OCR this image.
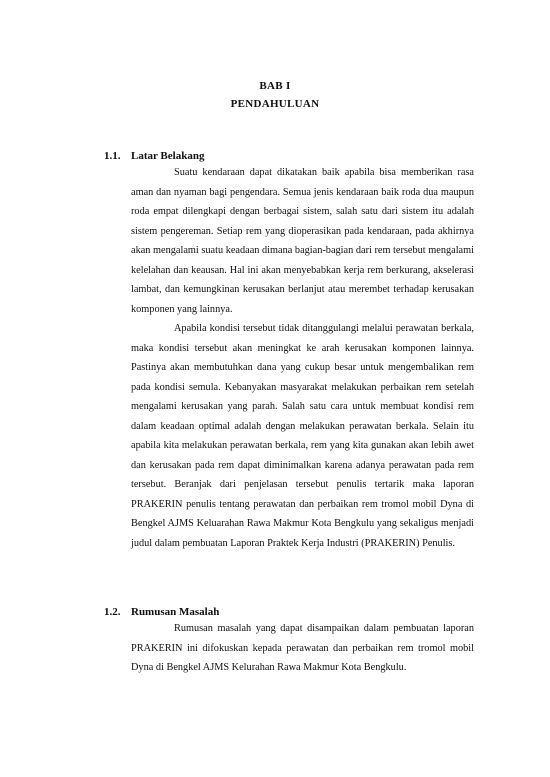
BAB I
PENDAHULUAN
1.1. Latar Belakang

Suatu kendaraan dapat dikatakan baik apabila bisa memberikan rasa aman dan nyaman bagi pengendara. Semua jenis kendaraan baik roda dua maupun roda empat dilengkapi dengan berbagai sistem, salah satu dari sistem itu adalah sistem pengereman. Setiap rem yang dioperasikan pada kendaraan, pada akhirnya akan mengalami suatu keadaan dimana bagian-bagian dari rem tersebut mengalami kelelahan dan keausan. Hal ini akan menyebabkan kerja rem berkurang, akselerasi lambat, dan kemungkinan kerusakan berlanjut atau merembet terhadap kerusakan komponen yang lainnya.

Apabila kondisi tersebut tidak ditanggulangi melalui perawatan berkala, maka kondisi tersebut akan meningkat ke arah kerusakan komponen lainnya. Pastinya akan membutuhkan dana yang cukup besar untuk mengembalikan rem pada kondisi semula. Kebanyakan masyarakat melakukan perbaikan rem setelah mengalami kerusakan yang parah. Salah satu cara untuk membuat kondisi rem dalam keadaan optimal adalah dengan melakukan perawatan berkala. Selain itu apabila kita melakukan perawatan berkala, rem yang kita gunakan akan lebih awet dan kerusakan pada rem dapat diminimalkan karena adanya perawatan pada rem tersebut. Beranjak dari penjelasan tersebut penulis tertarik maka laporan PRAKERIN penulis tentang perawatan dan perbaikan rem tromol mobil Dyna di Bengkel AJMS Keluarahan Rawa Makmur Kota Bengkulu yang sekaligus menjadi judul dalam pembuatan Laporan Praktek Kerja Industri (PRAKERIN) Penulis.

1.2. Rumusan Masalah

Rumusan masalah yang dapat disampaikan dalam pembuatan laporan PRAKERIN ini difokuskan kepada perawatan dan perbaikan rem tromol mobil Dyna di Bengkel AJMS Kelurahan Rawa Makmur Kota Bengkulu.
